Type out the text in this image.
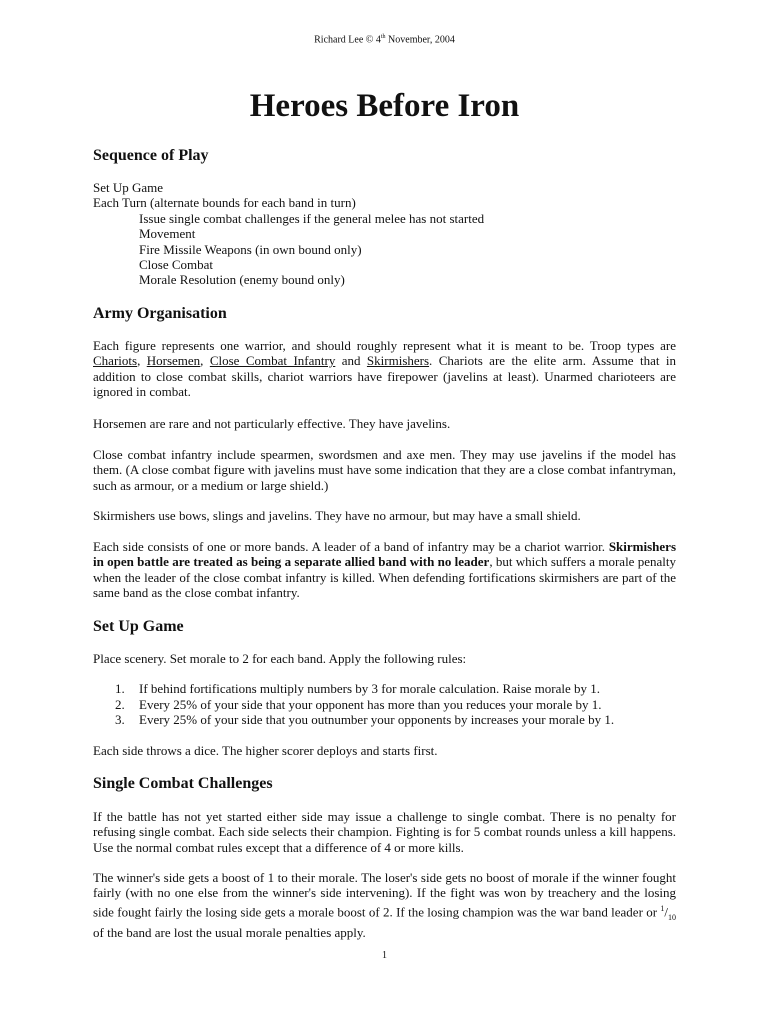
Richard Lee © 4th November, 2004
Heroes Before Iron
Sequence of Play
Set Up Game
Each Turn (alternate bounds for each band in turn)
Issue single combat challenges if the general melee has not started
Movement
Fire Missile Weapons (in own bound only)
Close Combat
Morale Resolution (enemy bound only)
Army Organisation

Each figure represents one warrior, and should roughly represent what it is meant to be. Troop types are Chariots, Horsemen, Close Combat Infantry and Skirmishers. Chariots are the elite arm. Assume that in addition to close combat skills, chariot warriors have firepower (javelins at least). Unarmed charioteers are ignored in combat.

Horsemen are rare and not particularly effective. They have javelins.
Close combat infantry include spearmen, swordsmen and axe men. They may use javelins if the model has them. (A close combat figure with javelins must have some indication that they are a close combat infantryman, such as armour, or a medium or large shield.)
Skirmishers use bows, slings and javelins. They have no armour, but may have a small shield.

Each side consists of one or more bands. A leader of a band of infantry may be a chariot warrior. Skirmishers in open battle are treated as being a separate allied band with no leader, but which suffers a morale penalty when the leader of the close combat infantry is killed. When defending fortifications skirmishers are part of the same band as the close combat infantry.

Set Up Game
Place scenery. Set morale to 2 for each band. Apply the following rules:
1. If behind fortifications multiply numbers by 3 for morale calculation. Raise morale by 1.
2. Every 25% of your side that your opponent has more than you reduces your morale by 1.
3. Every 25% of your side that you outnumber your opponents by increases your morale by 1.
Each side throws a dice. The higher scorer deploys and starts first.
Single Combat Challenges
If the battle has not yet started either side may issue a challenge to single combat. There is no penalty for refusing single combat. Each side selects their champion. Fighting is for 5 combat rounds unless a kill happens. Use the normal combat rules except that a difference of 4 or more kills.

The winner's side gets a boost of 1 to their morale. The loser's side gets no boost of morale if the winner fought fairly (with no one else from the winner's side intervening). If the fight was won by treachery and the losing side fought fairly the losing side gets a morale boost of 2. If the losing champion was the war band leader or $^1/_{10}$ of the band are lost the usual morale penalties apply.

1
